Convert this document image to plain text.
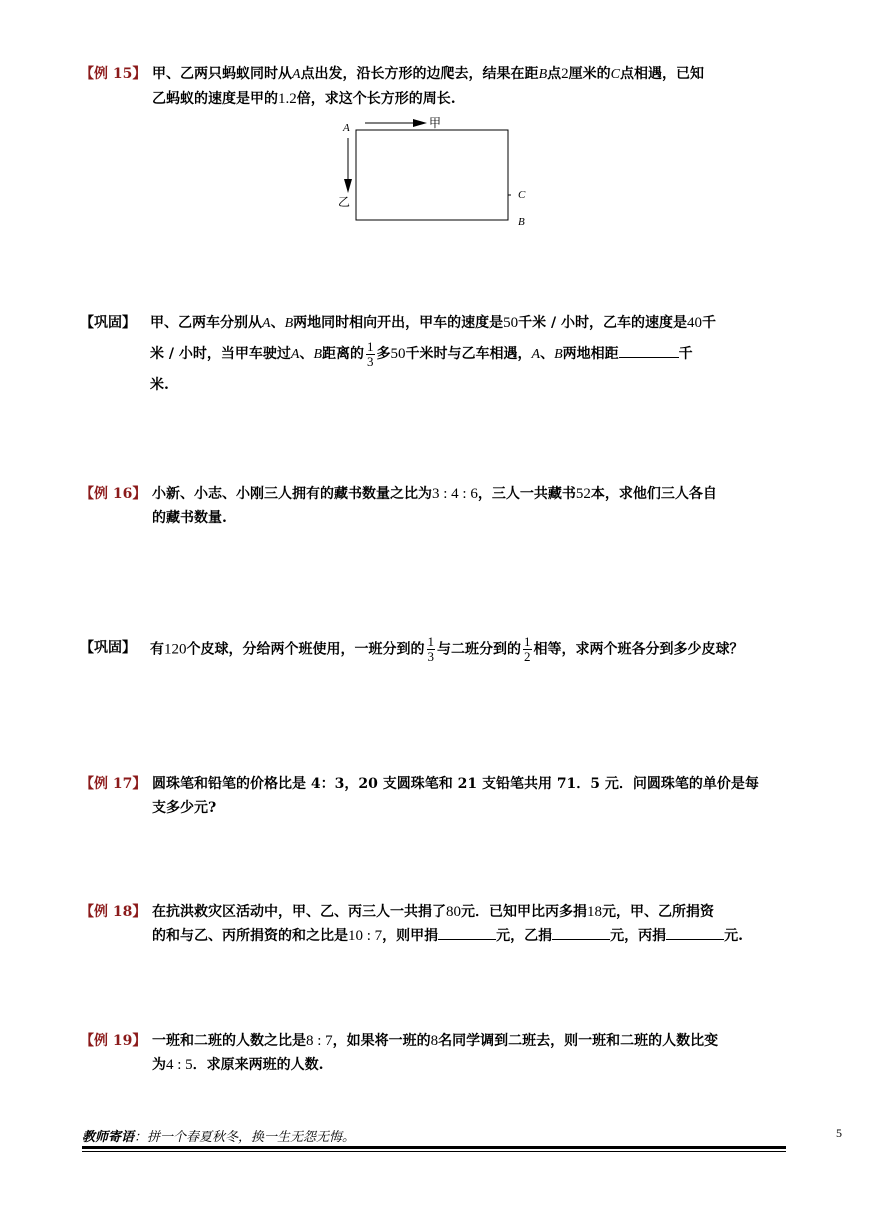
【例 15】 甲、乙两只蚂蚁同时从A点出发，沿长方形的边爬去，结果在距B点2厘米的C点相遇，已知
乙蚂蚁的速度是甲的1.2倍，求这个长方形的周长.
A	甲
乙	C
B
【巩固】 甲、乙两车分别从A、B两地同时相向开出，甲车的速度是50千米 / 小时，乙车的速度是40千
米 / 小时，当甲车驶过A、B距离的 $\frac{1}{3}$ 多50千米时与乙车相遇，A、B两地相距	千
米.
【例 16】 小新、小志、小刚三人拥有的藏书数量之比为3 : 4 : 6，三人一共藏书52本，求他们三人各自
的藏书数量.
【巩固】 有120个皮球，分给两个班使用，一班分到的 $\frac{1}{3}$ 与二班分到的 $\frac{1}{2}$ 相等，求两个班各分到多少皮球？
【例 17】 圆珠笔和铅笔的价格比是 4：3，20 支圆珠笔和 21 支铅笔共用 71．5 元．问圆珠笔的单价是每
支多少元?
【例 18】 在抗洪救灾区活动中，甲、乙、丙三人一共捐了80元．已知甲比丙多捐18元，甲、乙所捐资
的和与乙、丙所捐资的和之比是10 : 7，则甲捐	元，乙捐	元，丙捐	元.
【例 19】 一班和二班的人数之比是8 : 7，如果将一班的8名同学调到二班去，则一班和二班的人数比变
为4 : 5．求原来两班的人数.
教师寄语：拼一个春夏秋冬，换一生无怨无悔。	5
